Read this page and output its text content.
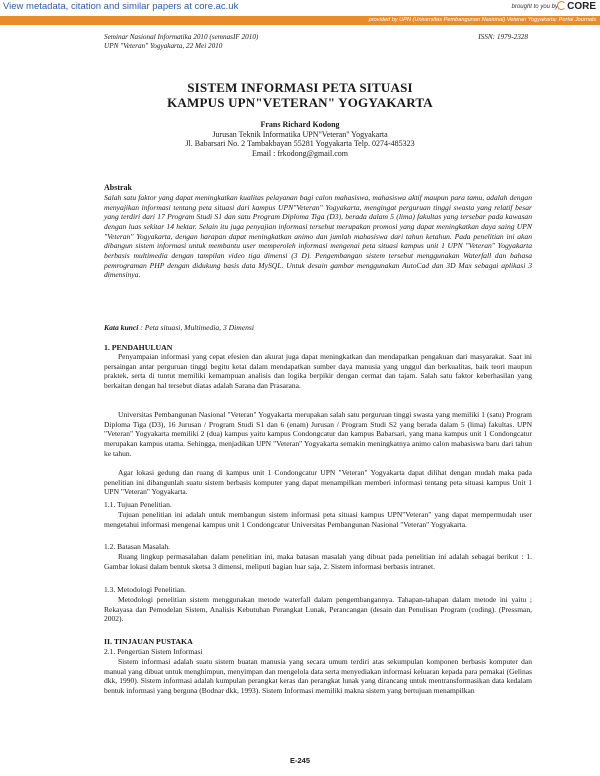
View metadata, citation and similar papers at core.ac.uk	brought to you by CORE
provided by UPN (Universitas Pembangunan Nasional) Veteran Yogyakarta: Portal Journals
Seminar Nasional Informatika 2010 (semnasIF 2010)
UPN "Veteran" Yogyakarta, 22 Mei 2010
ISSN: 1979-2328
SISTEM INFORMASI PETA SITUASI
KAMPUS UPN"VETERAN" YOGYAKARTA
Frans Richard Kodong
Jurusan Teknik Informatika UPN"Veteran" Yogyakarta
Jl. Babarsari No. 2 Tambakbayan 55281 Yogyakarta Telp. 0274-485323
Email : frkodong@gmail.com
Abstrak
Salah satu faktor yang dapat meningkatkan kualitas pelayanan bagi calon mahasiswa, mahasiswa aktif maupun para tamu, adalah dengan menyajikan informasi tentang peta situasi dari kampus UPN"Veteran" Yogyakarta, mengingat perguruan tinggi swasta yang relatif besar yang terdiri dari 17 Program Studi S1 dan satu Program Diploma Tiga (D3), berada dalam 5 (lima) fakultas yang tersebar pada kawasan dengan luas sekitar 14 hektar. Selain itu juga penyajian informasi tersebut merupakan promosi yang dapat meningkatkan daya saing UPN "Veteran" Yogyakarta, dengan harapan dapat meningkatkan animo dan jumlah mahasiswa dari tahun ketahun. Pada penelitian ini akan dibangun sistem informasi untuk membantu user memperoleh informasi mengenai peta situasi kampus unit 1 UPN "Veteran" Yogyakarta berbasis multimedia dengan tampilan video tiga dimensi (3 D). Pengembangan sistem tersebut menggunakan Waterfall dan bahasa pemrograman PHP dengan didukung basis data MySQL. Untuk desain gambar menggunakan AutoCad dan 3D Max sebagai aplikasi 3 dimensinya.
Kata kunci : Peta situasi, Multimedia, 3 Dimensi
1. PENDAHULUAN
Penyampaian informasi yang cepat efesien dan akurat juga dapat meningkatkan dan mendapatkan pengakuan dari masyarakat. Saat ini persaingan antar perguruan tinggi begitu ketat dalam mendapatkan sumber daya manusia yang unggul dan berkualitas, baik teori maupun praktek, serta di tuntut memiliki kemampuan analisis dan logika berpikir dengan cermat dan tajam. Salah satu faktor keberhasilan yang berkaitan dengan hal tersebut diatas adalah Sarana dan Prasarana.
Universitas Pembangunan Nasional "Veteran" Yogyakarta merupakan salah satu perguruan tinggi swasta yang memiliki 1 (satu) Program Diploma Tiga (D3), 16 Jurusan / Program Studi S1 dan 6 (enam) Jurusan / Program Studi S2 yang berada dalam 5 (lima) fakultas. UPN "Veteran" Yogyakarta memiliki 2 (dua) kampus yaitu kampus Condongcatur dan kampus Babarsari, yang mana kampus unit 1 Condongcatur merupakan kampus utama. Sehingga, menjadikan UPN "Veteran" Yogyakarta semakin meningkatnya animo calon mahasiswa baru dari tahun ke tahun.
Agar lokasi gedung dan ruang di kampus unit 1 Condongcatur UPN "Veteran" Yogyakarta dapat dilihat dengan mudah maka pada penelitian ini dibangunlah suatu sistem berbasis komputer yang dapat menampilkan memberi informasi tentang peta situasi kampus Unit 1 UPN "Veteran" Yogyakarta.
1.1. Tujuan Penelitian.
Tujuan penelitian ini adalah untuk membangun sistem informasi peta situasi kampus UPN"Veteran" yang dapat mempermudah user mengetahui informasi mengenai kampus unit 1 Condongcatur Universitas Pembangunan Nasional "Veteran" Yogyakarta.
1.2. Batasan Masalah.
Ruang lingkup permasalahan dalam penelitian ini, maka batasan masalah yang dibuat pada penelitian ini adalah sebagai berikut : 1. Gambar lokasi dalam bentuk sketsa 3 dimensi, meliputi bagian luar saja, 2. Sistem informasi berbasis intranet.
1.3. Metodologi Penelitian.
Metodologi penelitian sistem menggunakan metode waterfall dalam pengembangannya. Tahapan-tahapan dalam metode ini yaitu ; Rekayasa dan Pemodelan Sistem, Analisis Kebutuhan Perangkat Lunak, Perancangan (desain dan Penulisan Program (coding). (Pressman, 2002).
II. TINJAUAN PUSTAKA
2.1. Pengertian Sistem Informasi
Sistem informasi adalah suatu sistem buatan manusia yang secara umum terdiri atas sekumpulan komponen berbasis komputer dan manual yang dibuat untuk menghimpun, menyimpan dan mengelola data serta menyediakan informasi keluaran kepada para pemakai (Gelinas dkk, 1990). Sistem informasi adalah kumpulan perangkat keras dan perangkat lunak yang dirancang untuk mentransformasikan data kedalam bentuk informasi yang berguna (Bodnar dkk, 1993). Sistem Informasi memiliki makna sistem yang bertujuan menampilkan
E-245
